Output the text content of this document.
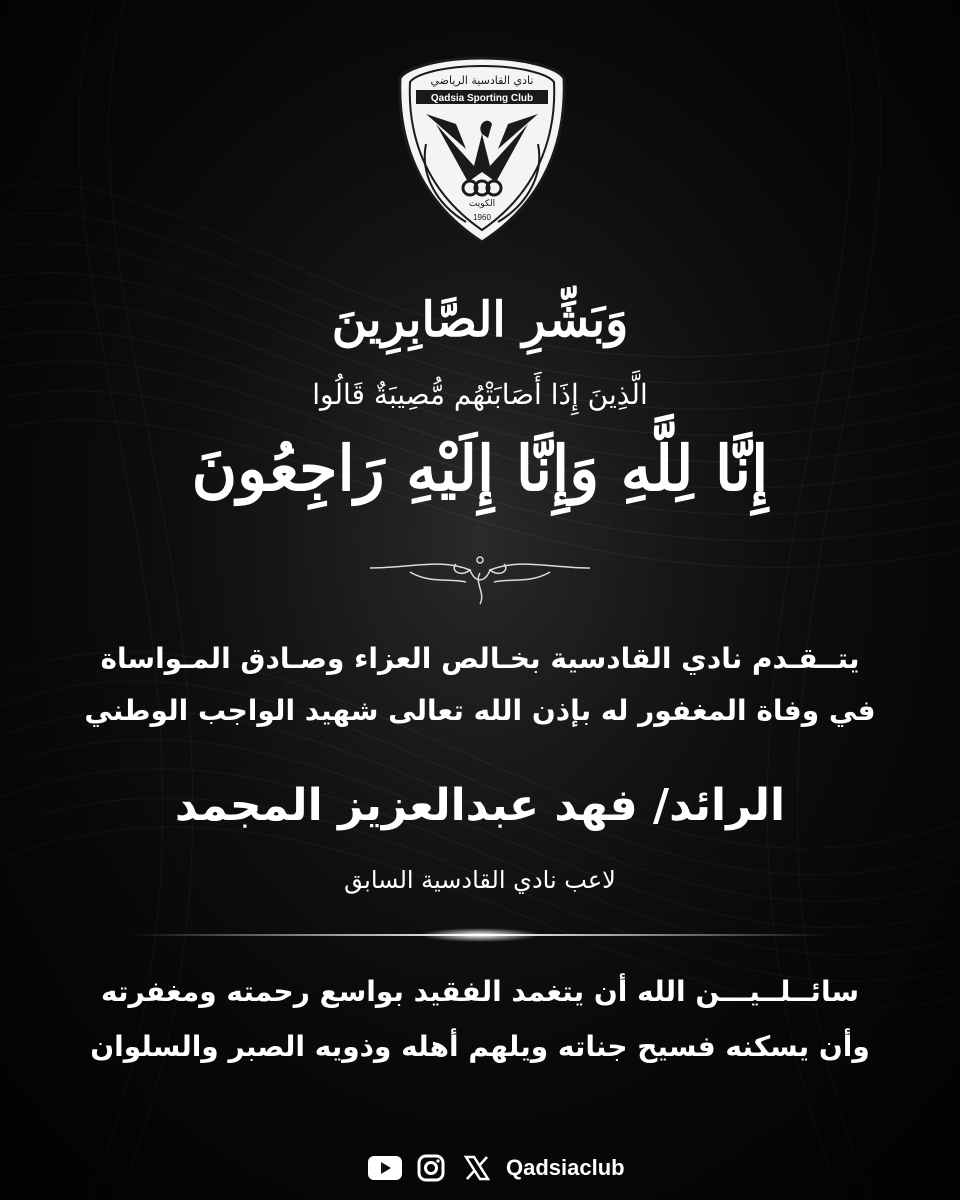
Qadsia Sporting Club
نادي القادسية الرياضي
الكويت
1960
وَبَشِّرِ الصَّابِرِينَ
الَّذِينَ إِذَا أَصَابَتْهُم مُّصِيبَةٌ قَالُوا
إِنَّا لِلَّهِ وَإِنَّا إِلَيْهِ رَاجِعُونَ
يتــقـدم نادي القادسية بخـالص العزاء وصـادق المـواساة
في وفاة المغفور له بإذن الله تعالى شهيد الواجب الوطني
الرائد/ فهد عبدالعزيز المجمد
لاعب نادي القادسية السابق
سائــلــيـــن الله أن يتغمد الفقيد بواسع رحمته ومغفرته
وأن يسكنه فسيح جناته ويلهم أهله وذويه الصبر والسلوان
Qadsiaclub
